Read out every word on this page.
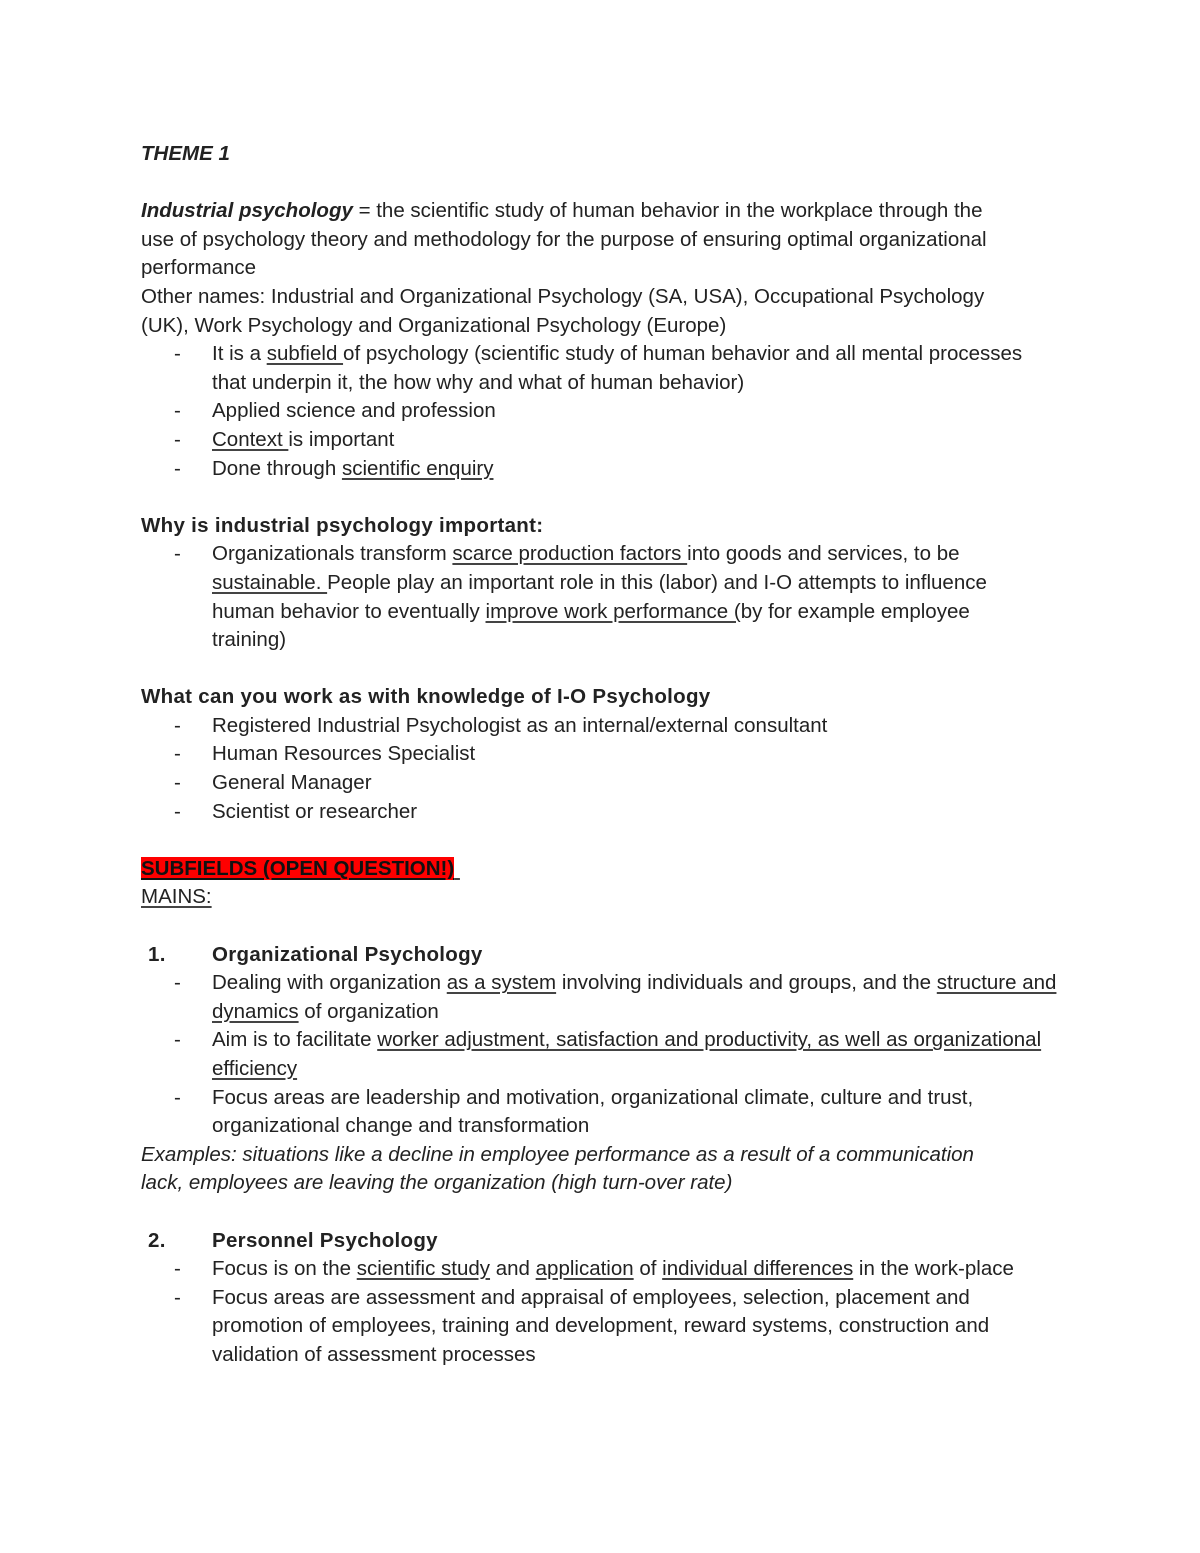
THEME 1
Industrial psychology = the scientific study of human behavior in the workplace through the
use of psychology theory and methodology for the purpose of ensuring optimal organizational
performance
Other names: Industrial and Organizational Psychology (SA, USA), Occupational Psychology
(UK), Work Psychology and Organizational Psychology (Europe)
- It is a subfield of psychology (scientific study of human behavior and all mental processes that underpin it, the how why and what of human behavior)
- Applied science and profession
- Context is important
- Done through scientific enquiry
Why is industrial psychology important:
- Organizationals transform scarce production factors into goods and services, to be sustainable. People play an important role in this (labor) and I-O attempts to influence human behavior to eventually improve work performance (by for example employee training)
What can you work as with knowledge of I-O Psychology
- Registered Industrial Psychologist as an internal/external consultant
- Human Resources Specialist
- General Manager
- Scientist or researcher
SUBFIELDS (OPEN QUESTION!)
MAINS:
1. Organizational Psychology
- Dealing with organization as a system involving individuals and groups, and the structure and dynamics of organization
- Aim is to facilitate worker adjustment, satisfaction and productivity, as well as organizational efficiency
- Focus areas are leadership and motivation, organizational climate, culture and trust, organizational change and transformation
Examples: situations like a decline in employee performance as a result of a communication
lack, employees are leaving the organization (high turn-over rate)
2. Personnel Psychology
- Focus is on the scientific study and application of individual differences in the work-place
- Focus areas are assessment and appraisal of employees, selection, placement and promotion of employees, training and development, reward systems, construction and validation of assessment processes
